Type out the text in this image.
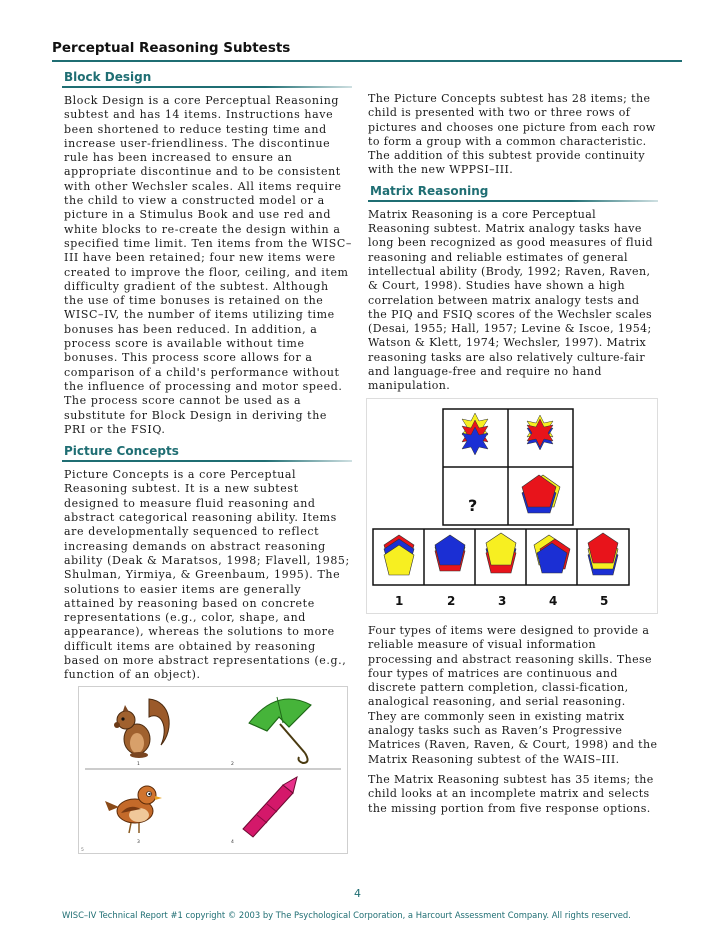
Perceptual Reasoning Subtests
Block Design

Block Design is a core Perceptual Reasoning subtest and has 14 items. Instructions have been shortened to reduce testing time and increase user-friendliness. The discontinue rule has been increased to ensure an appropriate discontinue and to be consistent with other Wechsler scales. All items require the child to view a constructed model or a picture in a Stimulus Book and use red and white blocks to re-create the design within a specified time limit. Ten items from the WISC–III have been retained; four new items were created to improve the floor, ceiling, and item difficulty gradient of the subtest. Although the use of time bonuses is retained on the WISC–IV, the number of items utilizing time bonuses has been reduced. In addition, a process score is available without time bonuses. This process score allows for a comparison of a child's performance without the influence of processing and motor speed. The process score cannot be used as a substitute for Block Design in deriving the PRI or the FSIQ.

Picture Concepts

Picture Concepts is a core Perceptual Reasoning subtest. It is a new subtest designed to measure fluid reasoning and abstract categorical reasoning ability. Items are developmentally sequenced to reflect increasing demands on abstract reasoning ability (Deak & Maratsos, 1998; Flavell, 1985; Shulman, Yirmiya, & Greenbaum, 1995). The solutions to easier items are generally attained by reasoning based on concrete representations (e.g., color, shape, and appearance), whereas the solutions to more difficult items are obtained by reasoning based on more abstract representations (e.g., function of an object).

1	2
3	4
5

The Picture Concepts subtest has 28 items; the child is presented with two or three rows of pictures and chooses one picture from each row to form a group with a common characteristic. The addition of this subtest provide continuity with the new WPPSI–III.

Matrix Reasoning

Matrix Reasoning is a core Perceptual Reasoning subtest. Matrix analogy tasks have long been recognized as good measures of fluid reasoning and reliable estimates of general intellectual ability (Brody, 1992; Raven, Raven, & Court, 1998). Studies have shown a high correlation between matrix analogy tests and the PIQ and FSIQ scores of the Wechsler scales (Desai, 1955; Hall, 1957; Levine & Iscoe, 1954; Watson & Klett, 1974; Wechsler, 1997). Matrix reasoning tasks are also relatively culture-fair and language-free and require no hand manipulation.

?
1	2	3	4	5

Four types of items were designed to provide a reliable measure of visual information processing and abstract reasoning skills. These four types of matrices are continuous and discrete pattern completion, classi-fication, analogical reasoning, and serial reasoning. They are commonly seen in existing matrix analogy tasks such as Raven’s Progressive Matrices (Raven, Raven, & Court, 1998) and the Matrix Reasoning subtest of the WAIS–III.

The Matrix Reasoning subtest has 35 items; the child looks at an incomplete matrix and selects the missing portion from five response options.

4
WISC–IV Technical Report #1 copyright © 2003 by The Psychological Corporation, a Harcourt Assessment Company. All rights reserved.
